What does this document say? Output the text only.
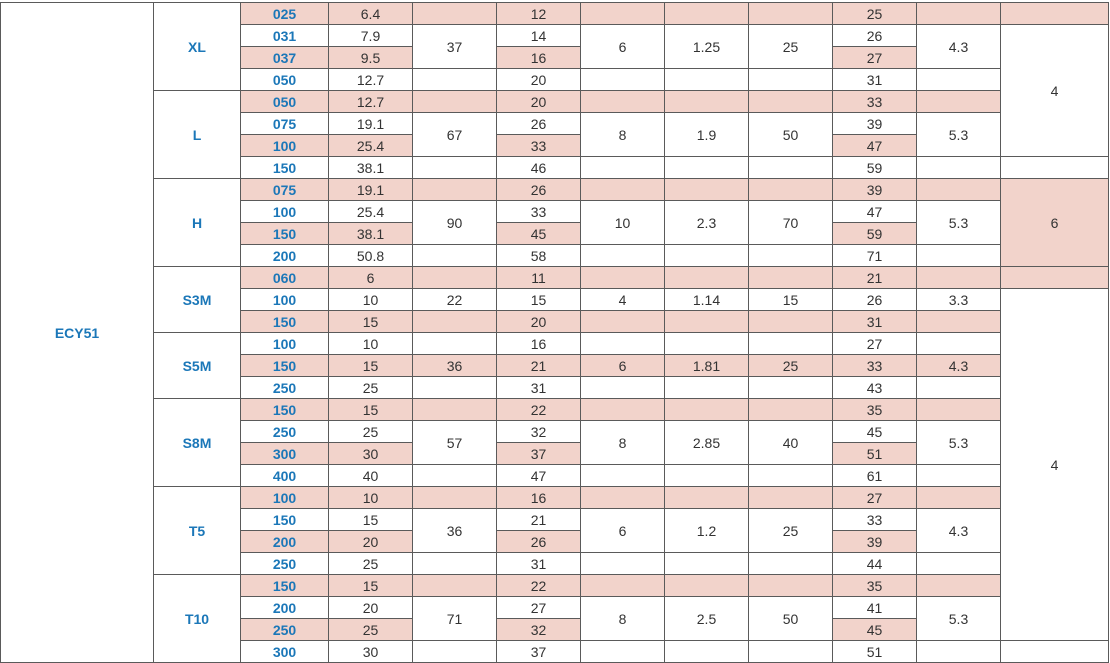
ECY51	XL	025	6.4		12				25		
		031	7.9	37	14	6	1.25	25	26	4.3	4
		037	9.5		16				27		
		050	12.7		20				31		
	L	050	12.7		20				33		
		075	19.1	67	26	8	1.9	50	39	5.3	
		100	25.4		33				47		
		150	38.1		46				59		
	H	075	19.1		26				39		6
		100	25.4	90	33	10	2.3	70	47	5.3	
		150	38.1		45				59		
		200	50.8		58				71		
	S3M	060	6		11				21		
		100	10	22	15	4	1.14	15	26	3.3	4
		150	15		20				31		
	S5M	100	10		16				27		
		150	15	36	21	6	1.81	25	33	4.3	
		250	25		31				43		
	S8M	150	15		22				35		
		250	25	57	32	8	2.85	40	45	5.3	
		300	30		37				51		
		400	40		47				61		
	T5	100	10		16				27		
		150	15	36	21	6	1.2	25	33	4.3	
		200	20		26				39		
		250	25		31				44		
	T10	150	15		22				35		
		200	20	71	27	8	2.5	50	41	5.3	
		250	25		32				45		
		300	30		37				51		
